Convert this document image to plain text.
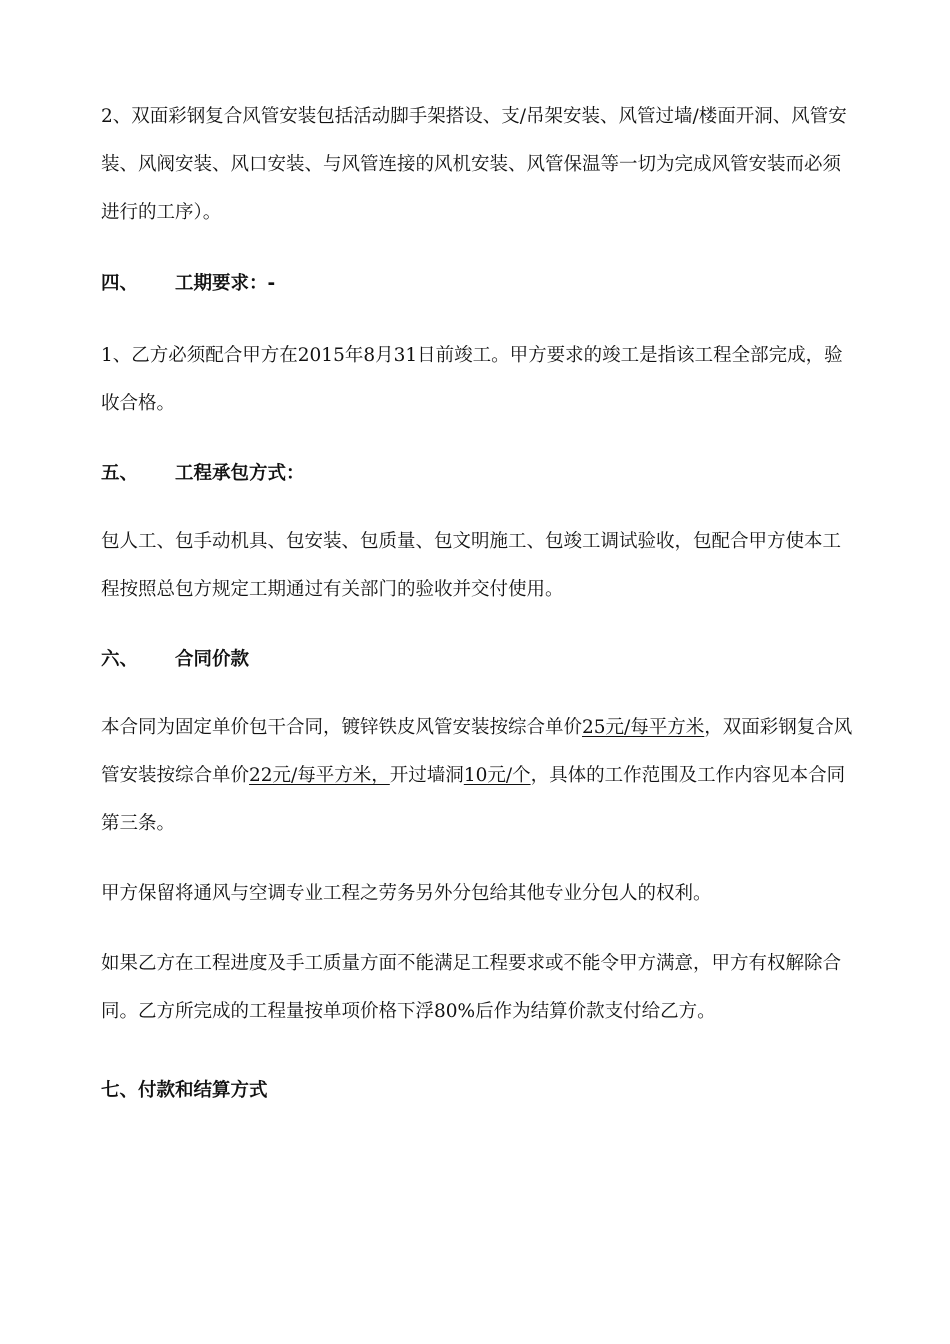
2、双面彩钢复合风管安装包括活动脚手架搭设、支/吊架安装、风管过墙/楼面开洞、风管安装、风阀安装、风口安装、与风管连接的风机安装、风管保温等一切为完成风管安装而必须进行的工序）。

四、 工期要求：-

1、乙方必须配合甲方在2015年8月31日前竣工。甲方要求的竣工是指该工程全部完成，验收合格。

五、 工程承包方式：

包人工、包手动机具、包安装、包质量、包文明施工、包竣工调试验收，包配合甲方使本工程按照总包方规定工期通过有关部门的验收并交付使用。

六、 合同价款

本合同为固定单价包干合同，镀锌铁皮风管安装按综合单价25元/每平方米，双面彩钢复合风管安装按综合单价22元/每平方米，开过墙洞10元/个，具体的工作范围及工作内容见本合同第三条。

甲方保留将通风与空调专业工程之劳务另外分包给其他专业分包人的权利。

如果乙方在工程进度及手工质量方面不能满足工程要求或不能令甲方满意，甲方有权解除合同。乙方所完成的工程量按单项价格下浮80%后作为结算价款支付给乙方。

七、付款和结算方式
